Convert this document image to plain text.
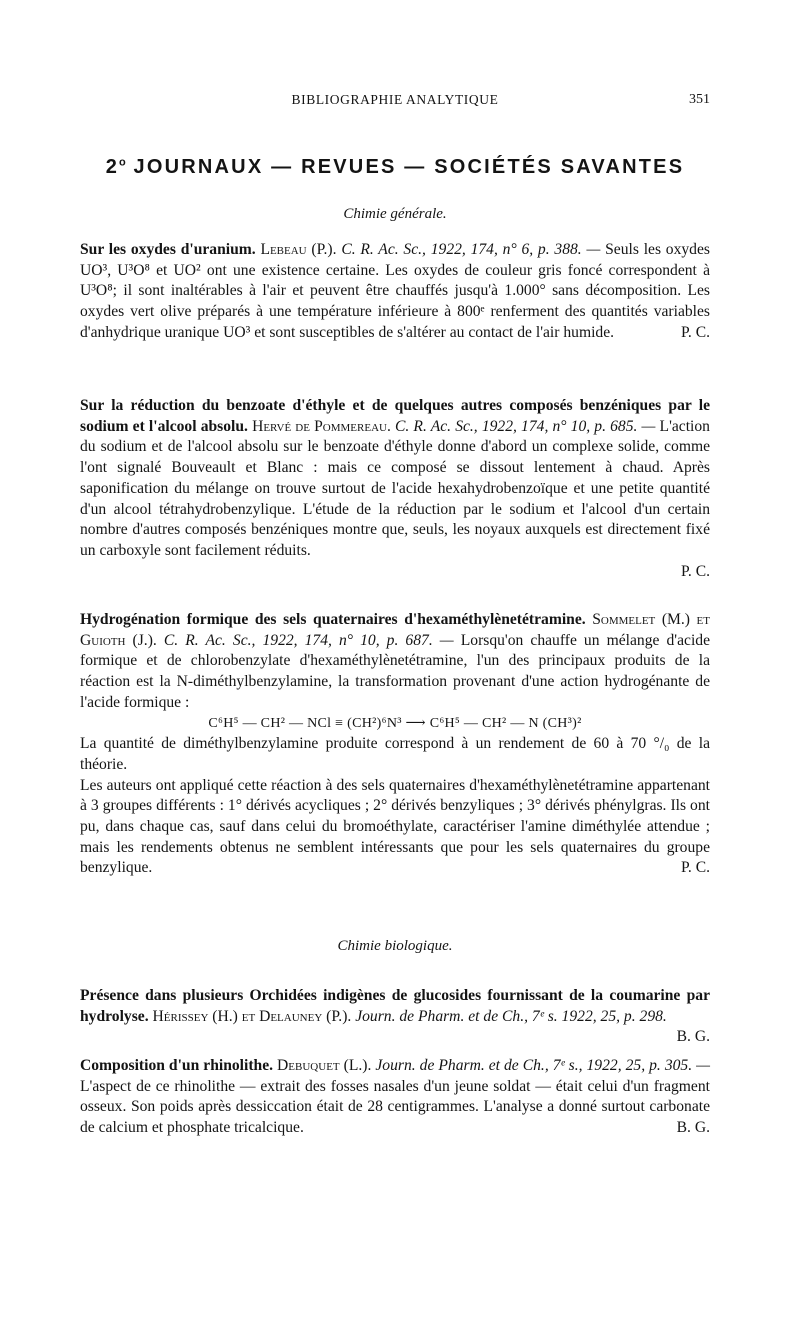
BIBLIOGRAPHIE ANALYTIQUE	351
2$^o$ JOURNAUX — REVUES — SOCIÉTÉS SAVANTES
Chimie générale.

Sur les oxydes d'uranium. Lebeau (P.). C. R. Ac. Sc., 1922, 174, n° 6, p. 388. — Seuls les oxydes UO³, U³O⁸ et UO² ont une existence certaine. Les oxydes de couleur gris foncé correspondent à U³O⁸; il sont inaltérables à l'air et peuvent être chauffés jusqu'à 1.000° sans décomposition. Les oxydes vert olive préparés à une température inférieure à 800ᵉ renferment des quantités variables d'anhydrique uranique UO³ et sont susceptibles de s'altérer au contact de l'air humide.	P. C.

Sur la réduction du benzoate d'éthyle et de quelques autres composés benzéniques par le sodium et l'alcool absolu. Hervé de Pommereau. C. R. Ac. Sc., 1922, 174, n° 10, p. 685. — L'action du sodium et de l'alcool absolu sur le benzoate d'éthyle donne d'abord un complexe solide, comme l'ont signalé Bouveault et Blanc : mais ce composé se dissout lentement à chaud. Après saponification du mélange on trouve surtout de l'acide hexahydrobenzoïque et une petite quantité d'un alcool tétrahydrobenzylique. L'étude de la réduction par le sodium et l'alcool d'un certain nombre d'autres composés benzéniques montre que, seuls, les noyaux auxquels est directement fixé un carboxyle sont facilement réduits.
P. C.

Hydrogénation formique des sels quaternaires d'hexaméthylènetétramine. Sommelet (M.) et Guioth (J.). C. R. Ac. Sc., 1922, 174, n° 10, p. 687. — Lorsqu'on chauffe un mélange d'acide formique et de chlorobenzylate d'hexaméthylènetétramine, l'un des principaux produits de la réaction est la N-diméthylbenzylamine, la transformation provenant d'une action hydrogénante de l'acide formique :
C⁶H⁵ — CH² — NCl ≡ (CH²)⁶N³ ⟶ C⁶H⁵ — CH² — N (CH³)²
La quantité de diméthylbenzylamine produite correspond à un rendement de 60 à 70 °/₀ de la théorie.
Les auteurs ont appliqué cette réaction à des sels quaternaires d'hexaméthylènetétramine appartenant à 3 groupes différents : 1° dérivés acycliques ; 2° dérivés benzyliques ; 3° dérivés phénylgras. Ils ont pu, dans chaque cas, sauf dans celui du bromoéthylate, caractériser l'amine diméthylée attendue ; mais les rendements obtenus ne semblent intéressants que pour les sels quaternaires du groupe benzylique.	P. C.

Chimie biologique.

Présence dans plusieurs Orchidées indigènes de glucosides fournissant de la coumarine par hydrolyse. Hérissey (H.) et Delauney (P.). Journ. de Pharm. et de Ch., 7ᵉ s. 1922, 25, p. 298.
B. G.

Composition d'un rhinolithe. Debuquet (L.). Journ. de Pharm. et de Ch., 7ᵉ s., 1922, 25, p. 305. — L'aspect de ce rhinolithe — extrait des fosses nasales d'un jeune soldat — était celui d'un fragment osseux. Son poids après dessiccation était de 28 centigrammes. L'analyse a donné surtout carbonate de calcium et phosphate tricalcique.	B. G.
